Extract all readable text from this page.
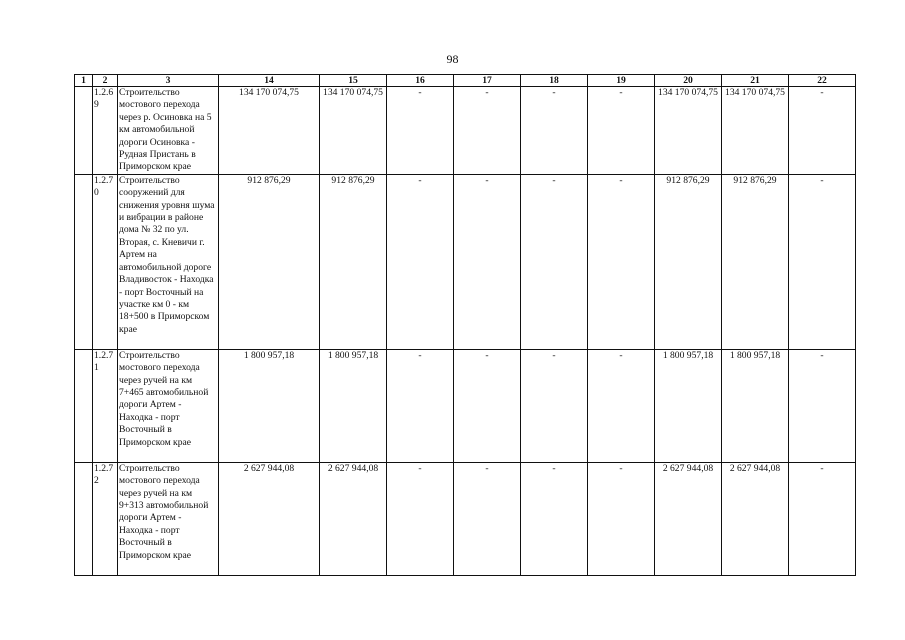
98
1	2	3	14	15	16	17	18	19	20	21	22
	1.2.69	Строительство мостового перехода через р. Осиновка на 5 км автомобильной дороги Осиновка - Рудная Пристань в Приморском крае	134 170 074,75	134 170 074,75	-	-	-	-	134 170 074,75	134 170 074,75	-
	1.2.70	Строительство сооружений для снижения уровня шума и вибрации в районе дома № 32 по ул. Вторая, с. Кневичи г. Артем на автомобильной дороге Владивосток - Находка - порт Восточный на участке км 0 - км 18+500 в Приморском крае	912 876,29	912 876,29	-	-	-	-	912 876,29	912 876,29	-
	1.2.71	Строительство мостового перехода через ручей на км 7+465 автомобильной дороги Артем - Находка - порт Восточный в Приморском крае	1 800 957,18	1 800 957,18	-	-	-	-	1 800 957,18	1 800 957,18	-
	1.2.72	Строительство мостового перехода через ручей на км 9+313 автомобильной дороги Артем - Находка - порт Восточный в Приморском крае	2 627 944,08	2 627 944,08	-	-	-	-	2 627 944,08	2 627 944,08	-
